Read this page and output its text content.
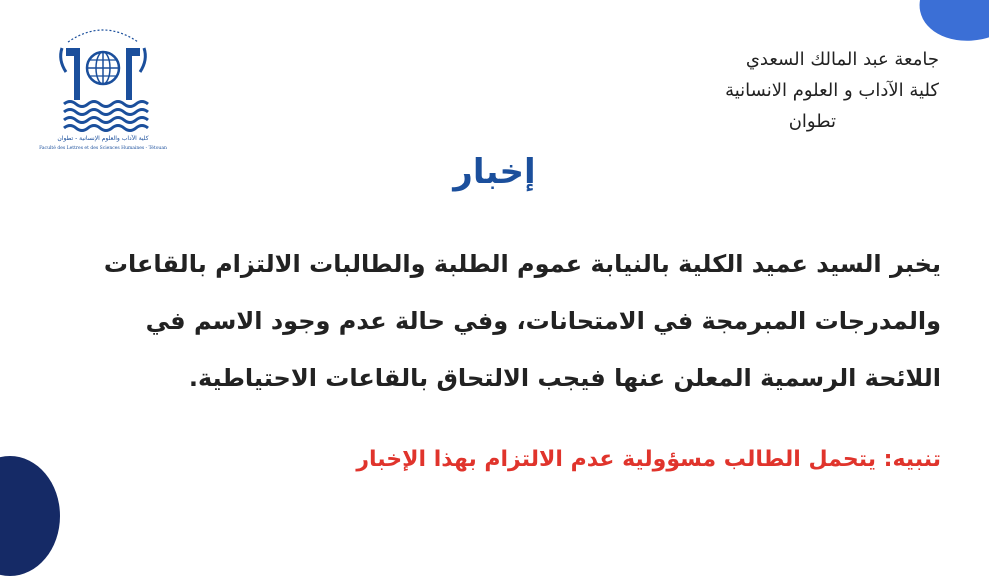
كلية الآداب والعلوم الإنسانية - تطوان
Faculté des Lettres et des Sciences Humaines - Tétouan
جامعة عبد المالك السعدي
كلية الآداب و العلوم الانسانية
تطوان
إخبار
يخبر السيد عميد الكلية بالنيابة عموم الطلبة والطالبات الالتزام بالقاعات
والمدرجات المبرمجة في الامتحانات، وفي حالة عدم وجود الاسم في
اللائحة الرسمية المعلن عنها فيجب الالتحاق بالقاعات الاحتياطية.
تنبيه: يتحمل الطالب مسؤولية عدم الالتزام بهذا الإخبار
